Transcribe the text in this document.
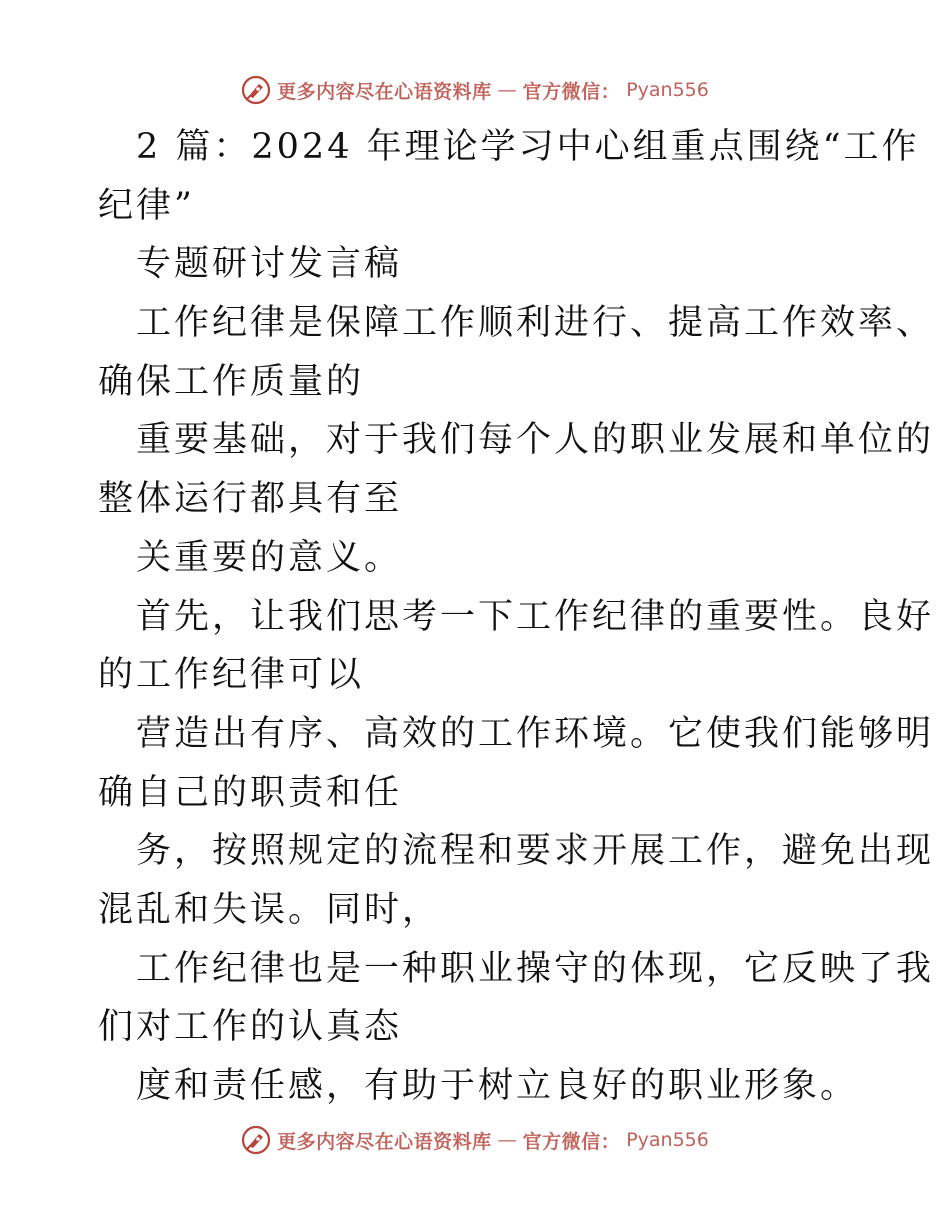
更多内容尽在心语资料库 — 官方微信： Pyan556
2 篇：2024 年理论学习中心组重点围绕“工作
纪律”
专题研讨发言稿
工作纪律是保障工作顺利进行、提高工作效率、
确保工作质量的
重要基础，对于我们每个人的职业发展和单位的
整体运行都具有至
关重要的意义。
首先，让我们思考一下工作纪律的重要性。良好
的工作纪律可以
营造出有序、高效的工作环境。它使我们能够明
确自己的职责和任
务，按照规定的流程和要求开展工作，避免出现
混乱和失误。同时，
工作纪律也是一种职业操守的体现，它反映了我
们对工作的认真态
度和责任感，有助于树立良好的职业形象。
更多内容尽在心语资料库 — 官方微信： Pyan556
